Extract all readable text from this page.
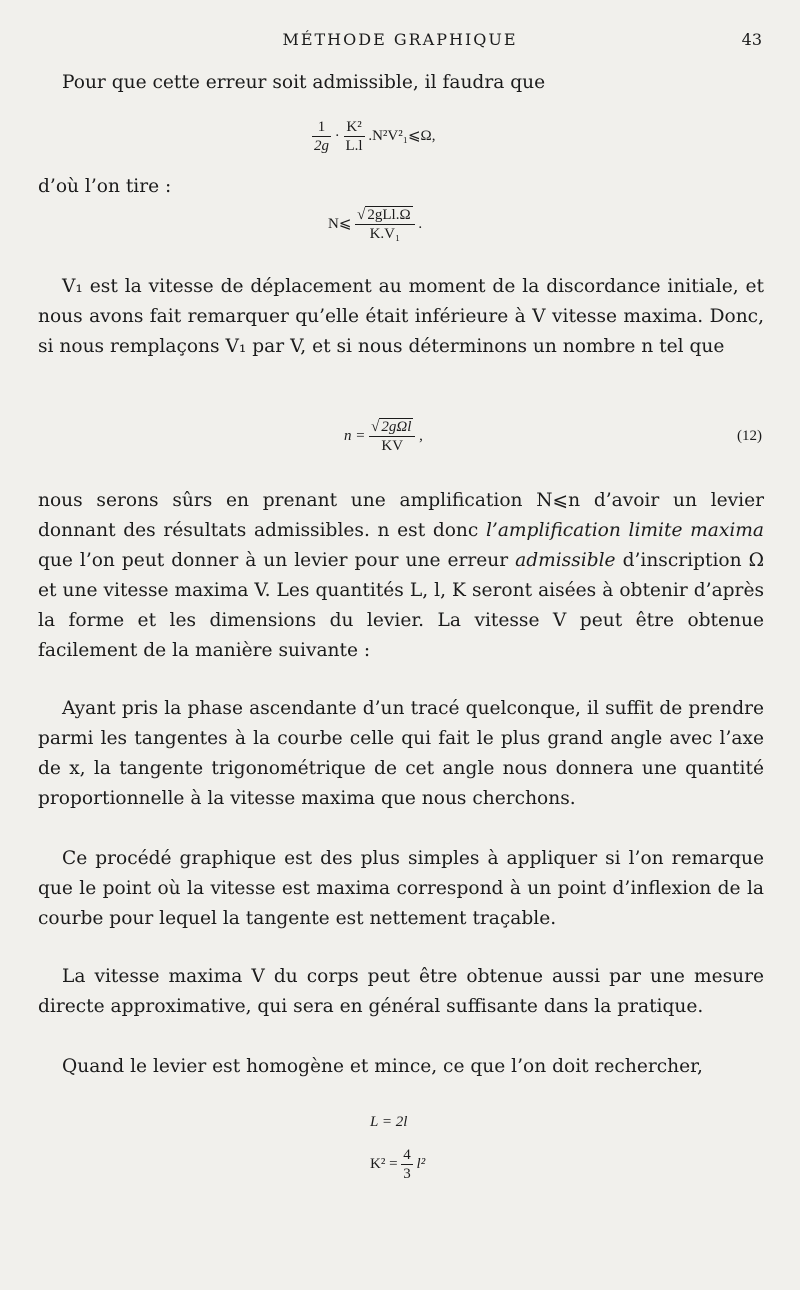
MÉTHODE GRAPHIQUE	43

Pour que cette erreur soit admissible, il faudra que

$\frac{1}{2g} \cdot \frac{\text{K²}}{L.l}$ .N²V²₁⩽Ω,

d’où l’on tire :

N⩽ $\frac{\text{√ 2gLl.Ω}}{\text{K.V₁}}$ .

V₁ est la vitesse de déplacement au moment de la discordance initiale, et nous avons fait remarquer qu’elle était inférieure à V vitesse maxima. Donc, si nous remplaçons V₁ par V, et si nous déterminons un nombre n tel que

$n = \frac{\text{√ 2gΩl}}{KV}$ ,	(12)

nous serons sûrs en prenant une amplification N⩽n d’avoir un levier donnant des résultats admissibles. n est donc l’amplification limite maxima que l’on peut donner à un levier pour une erreur admissible d’inscription Ω et une vitesse maxima V. Les quantités L, l, K seront aisées à obtenir d’après la forme et les dimensions du levier. La vitesse V peut être obtenue facilement de la manière suivante :

Ayant pris la phase ascendante d’un tracé quelconque, il suffit de prendre parmi les tangentes à la courbe celle qui fait le plus grand angle avec l’axe de x, la tangente trigonométrique de cet angle nous donnera une quantité proportionnelle à la vitesse maxima que nous cherchons.

Ce procédé graphique est des plus simples à appliquer si l’on remarque que le point où la vitesse est maxima correspond à un point d’inflexion de la courbe pour lequel la tangente est nettement traçable.

La vitesse maxima V du corps peut être obtenue aussi par une mesure directe approximative, qui sera en général suffisante dans la pratique.

Quand le levier est homogène et mince, ce que l’on doit rechercher,

L = 2l
$K^2 = \frac{4}{3} l^2$
